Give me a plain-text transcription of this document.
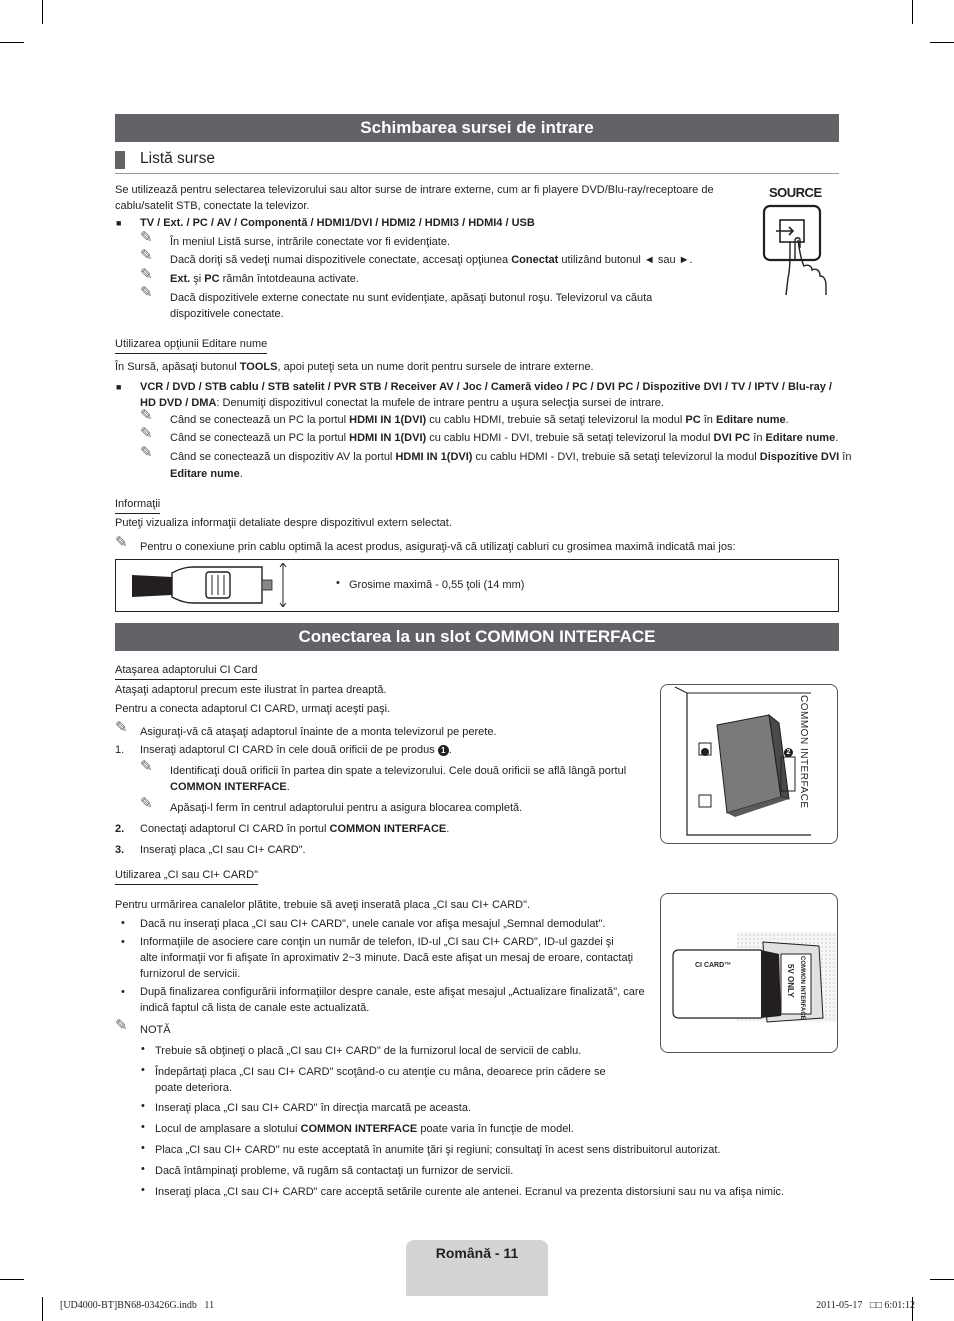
Schimbarea sursei de intrare
Listă surse
Se utilizează pentru selectarea televizorului sau altor surse de intrare externe, cum ar fi playere DVD/Blu-ray/receptoare de cablu/satelit STB, conectate la televizor.
■ TV / Ext. / PC / AV / Componentă / HDMI1/DVI / HDMI2 / HDMI3 / HDMI4 / USB
✎ În meniul Listă surse, intrările conectate vor fi evidenţiate.
✎ Dacă doriţi să vedeţi numai dispozitivele conectate, accesaţi opţiunea Conectat utilizând butonul ◄ sau ►.
✎ Ext. şi PC rămân întotdeauna activate.
✎ Dacă dispozitivele externe conectate nu sunt evidenţiate, apăsaţi butonul roşu. Televizorul va căuta dispozitivele conectate.
SOURCE
Utilizarea opţiunii Editare nume
În Sursă, apăsaţi butonul TOOLS, apoi puteţi seta un nume dorit pentru sursele de intrare externe.
■ VCR / DVD / STB cablu / STB satelit / PVR STB / Receiver AV / Joc / Cameră video / PC / DVI PC / Dispozitive DVI / TV / IPTV / Blu-ray / HD DVD / DMA: Denumiţi dispozitivul conectat la mufele de intrare pentru a uşura selecţia sursei de intrare.
✎ Când se conectează un PC la portul HDMI IN 1(DVI) cu cablu HDMI, trebuie să setaţi televizorul la modul PC în Editare nume.
✎ Când se conectează un PC la portul HDMI IN 1(DVI) cu cablu HDMI - DVI, trebuie să setaţi televizorul la modul DVI PC în Editare nume.
✎ Când se conectează un dispozitiv AV la portul HDMI IN 1(DVI) cu cablu HDMI - DVI, trebuie să setaţi televizorul la modul Dispozitive DVI în
Editare nume.
Informaţii
Puteţi vizualiza informaţii detaliate despre dispozitivul extern selectat.
✎ Pentru o conexiune prin cablu optimă la acest produs, asiguraţi-vă că utilizaţi cabluri cu grosimea maximă indicată mai jos:
• Grosime maximă - 0,55 ţoli (14 mm)
Conectarea la un slot COMMON INTERFACE
Ataşarea adaptorului CI Card
Ataşaţi adaptorul precum este ilustrat în partea dreaptă.
Pentru a conecta adaptorul CI CARD, urmaţi aceşti paşi.
✎ Asiguraţi-vă că ataşaţi adaptorul înainte de a monta televizorul pe perete.
1. Inseraţi adaptorul CI CARD în cele două orificii de pe produs 1 .
✎ Identificaţi două orificii în partea din spate a televizorului. Cele două orificii se află lângă portul COMMON INTERFACE.
✎ Apăsaţi-l ferm în centrul adaptorului pentru a asigura blocarea completă.
2. Conectaţi adaptorul CI CARD în portul COMMON INTERFACE.
3. Inseraţi placa „CI sau CI+ CARD".
COMMON INTERFACE
2
Utilizarea „CI sau CI+ CARD"
Pentru urmărirea canalelor plătite, trebuie să aveţi inserată placa „CI sau CI+ CARD".
• Dacă nu inseraţi placa „CI sau CI+ CARD", unele canale vor afişa mesajul „Semnal demodulat".
• Informaţiile de asociere care conţin un număr de telefon, ID-ul „CI sau CI+ CARD", ID-ul gazdei şi
alte informaţii vor fi afişate în aproximativ 2~3 minute. Dacă este afişat un mesaj de eroare, contactaţi
furnizorul de servicii.
• După finalizarea configurării informaţiilor despre canale, este afişat mesajul „Actualizare finalizată", care
indică faptul că lista de canale este actualizată.
✎ NOTĂ
• Trebuie să obţineţi o placă „CI sau CI+ CARD" de la furnizorul local de servicii de cablu.
• Îndepărtaţi placa „CI sau CI+ CARD" scoţând-o cu atenţie cu mâna, deoarece prin cădere se
poate deteriora.
• Inseraţi placa „CI sau CI+ CARD" în direcţia marcată pe aceasta.
• Locul de amplasare a slotului COMMON INTERFACE poate varia în funcţie de model.
• Placa „CI sau CI+ CARD" nu este acceptată în anumite ţări şi regiuni; consultaţi în acest sens distribuitorul autorizat.
• Dacă întâmpinaţi probleme, vă rugăm să contactaţi un furnizor de servicii.
• Inseraţi placa „CI sau CI+ CARD" care acceptă setările curente ale antenei. Ecranul va prezenta distorsiuni sau nu va afişa nimic.
CI CARD™	COMMON INTERFACE
5V ONLY
Română - 11
[UD4000-BT]BN68-03426G.indb   11	2011-05-17   □□ 6:01:12
